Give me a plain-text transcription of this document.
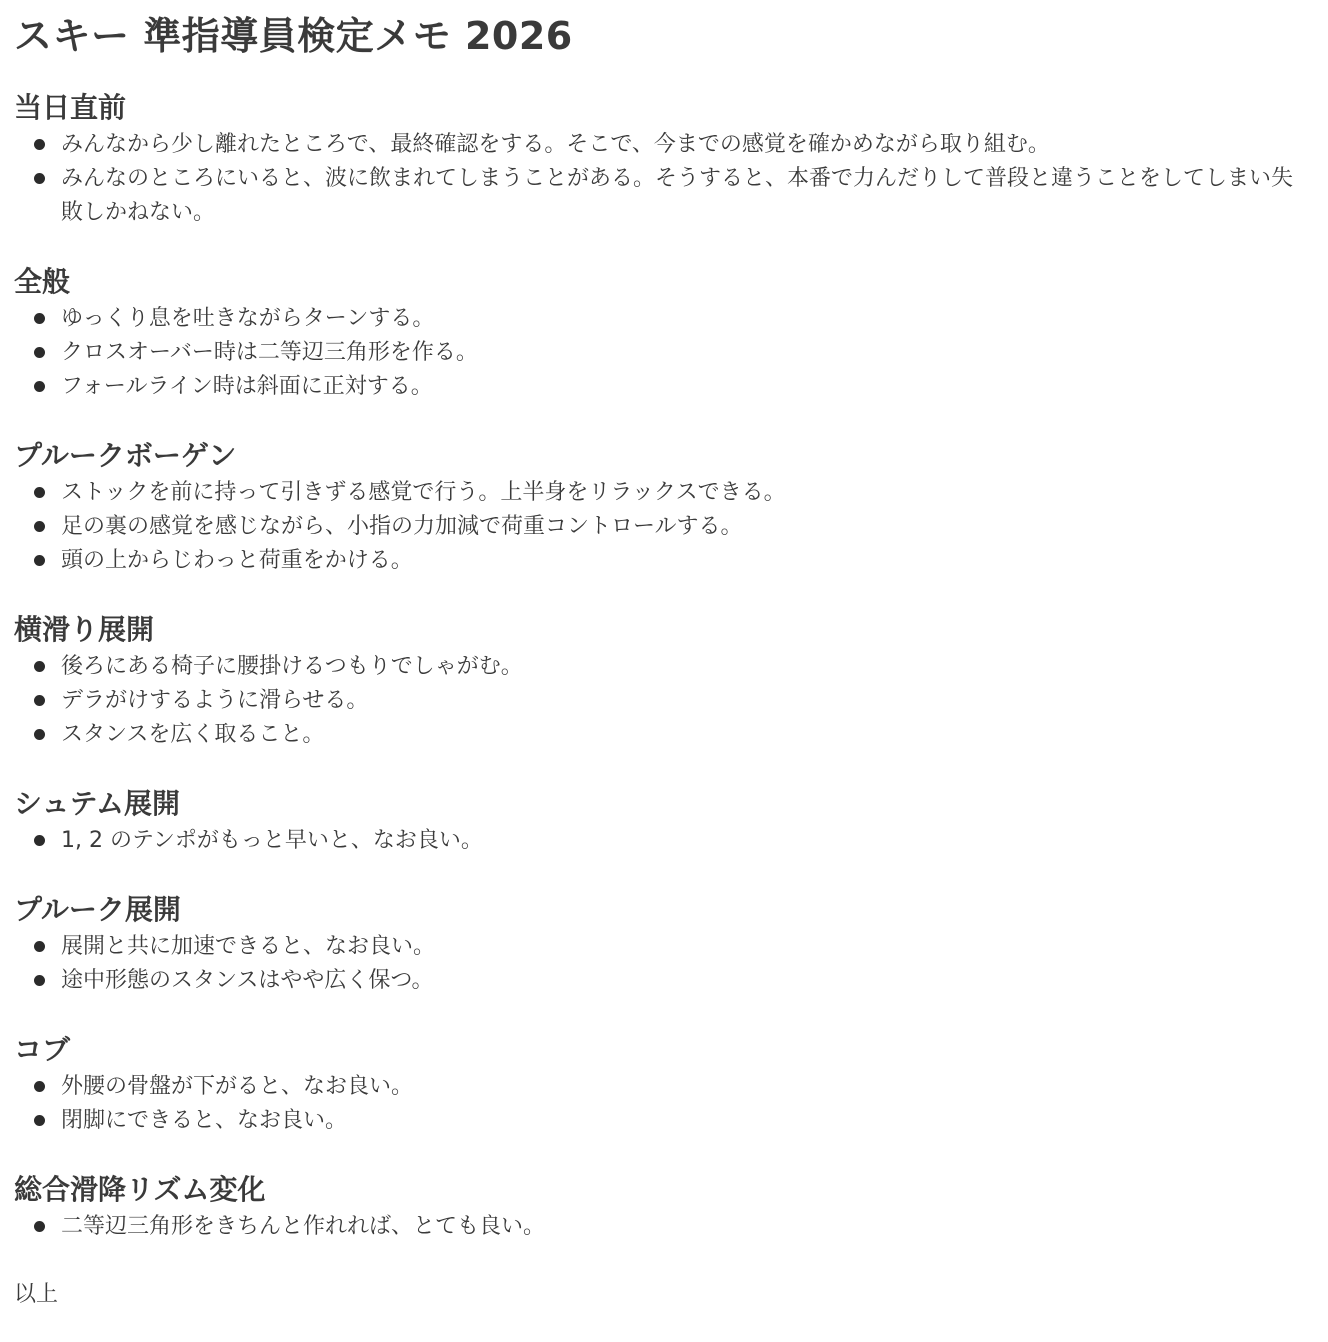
スキー 準指導員検定メモ 2026
当日直前
みんなから少し離れたところで、最終確認をする。そこで、今までの感覚を確かめながら取り組む。
みんなのところにいると、波に飲まれてしまうことがある。そうすると、本番で力んだりして普段と違うことをしてしまい失敗しかねない。
全般
ゆっくり息を吐きながらターンする。
クロスオーバー時は二等辺三角形を作る。
フォールライン時は斜面に正対する。
プルークボーゲン
ストックを前に持って引きずる感覚で行う。上半身をリラックスできる。
足の裏の感覚を感じながら、小指の力加減で荷重コントロールする。
頭の上からじわっと荷重をかける。
横滑り展開
後ろにある椅子に腰掛けるつもりでしゃがむ。
デラがけするように滑らせる。
スタンスを広く取ること。
シュテム展開
1, 2 のテンポがもっと早いと、なお良い。
プルーク展開
展開と共に加速できると、なお良い。
途中形態のスタンスはやや広く保つ。
コブ
外腰の骨盤が下がると、なお良い。
閉脚にできると、なお良い。
総合滑降リズム変化
二等辺三角形をきちんと作れれば、とても良い。

以上
